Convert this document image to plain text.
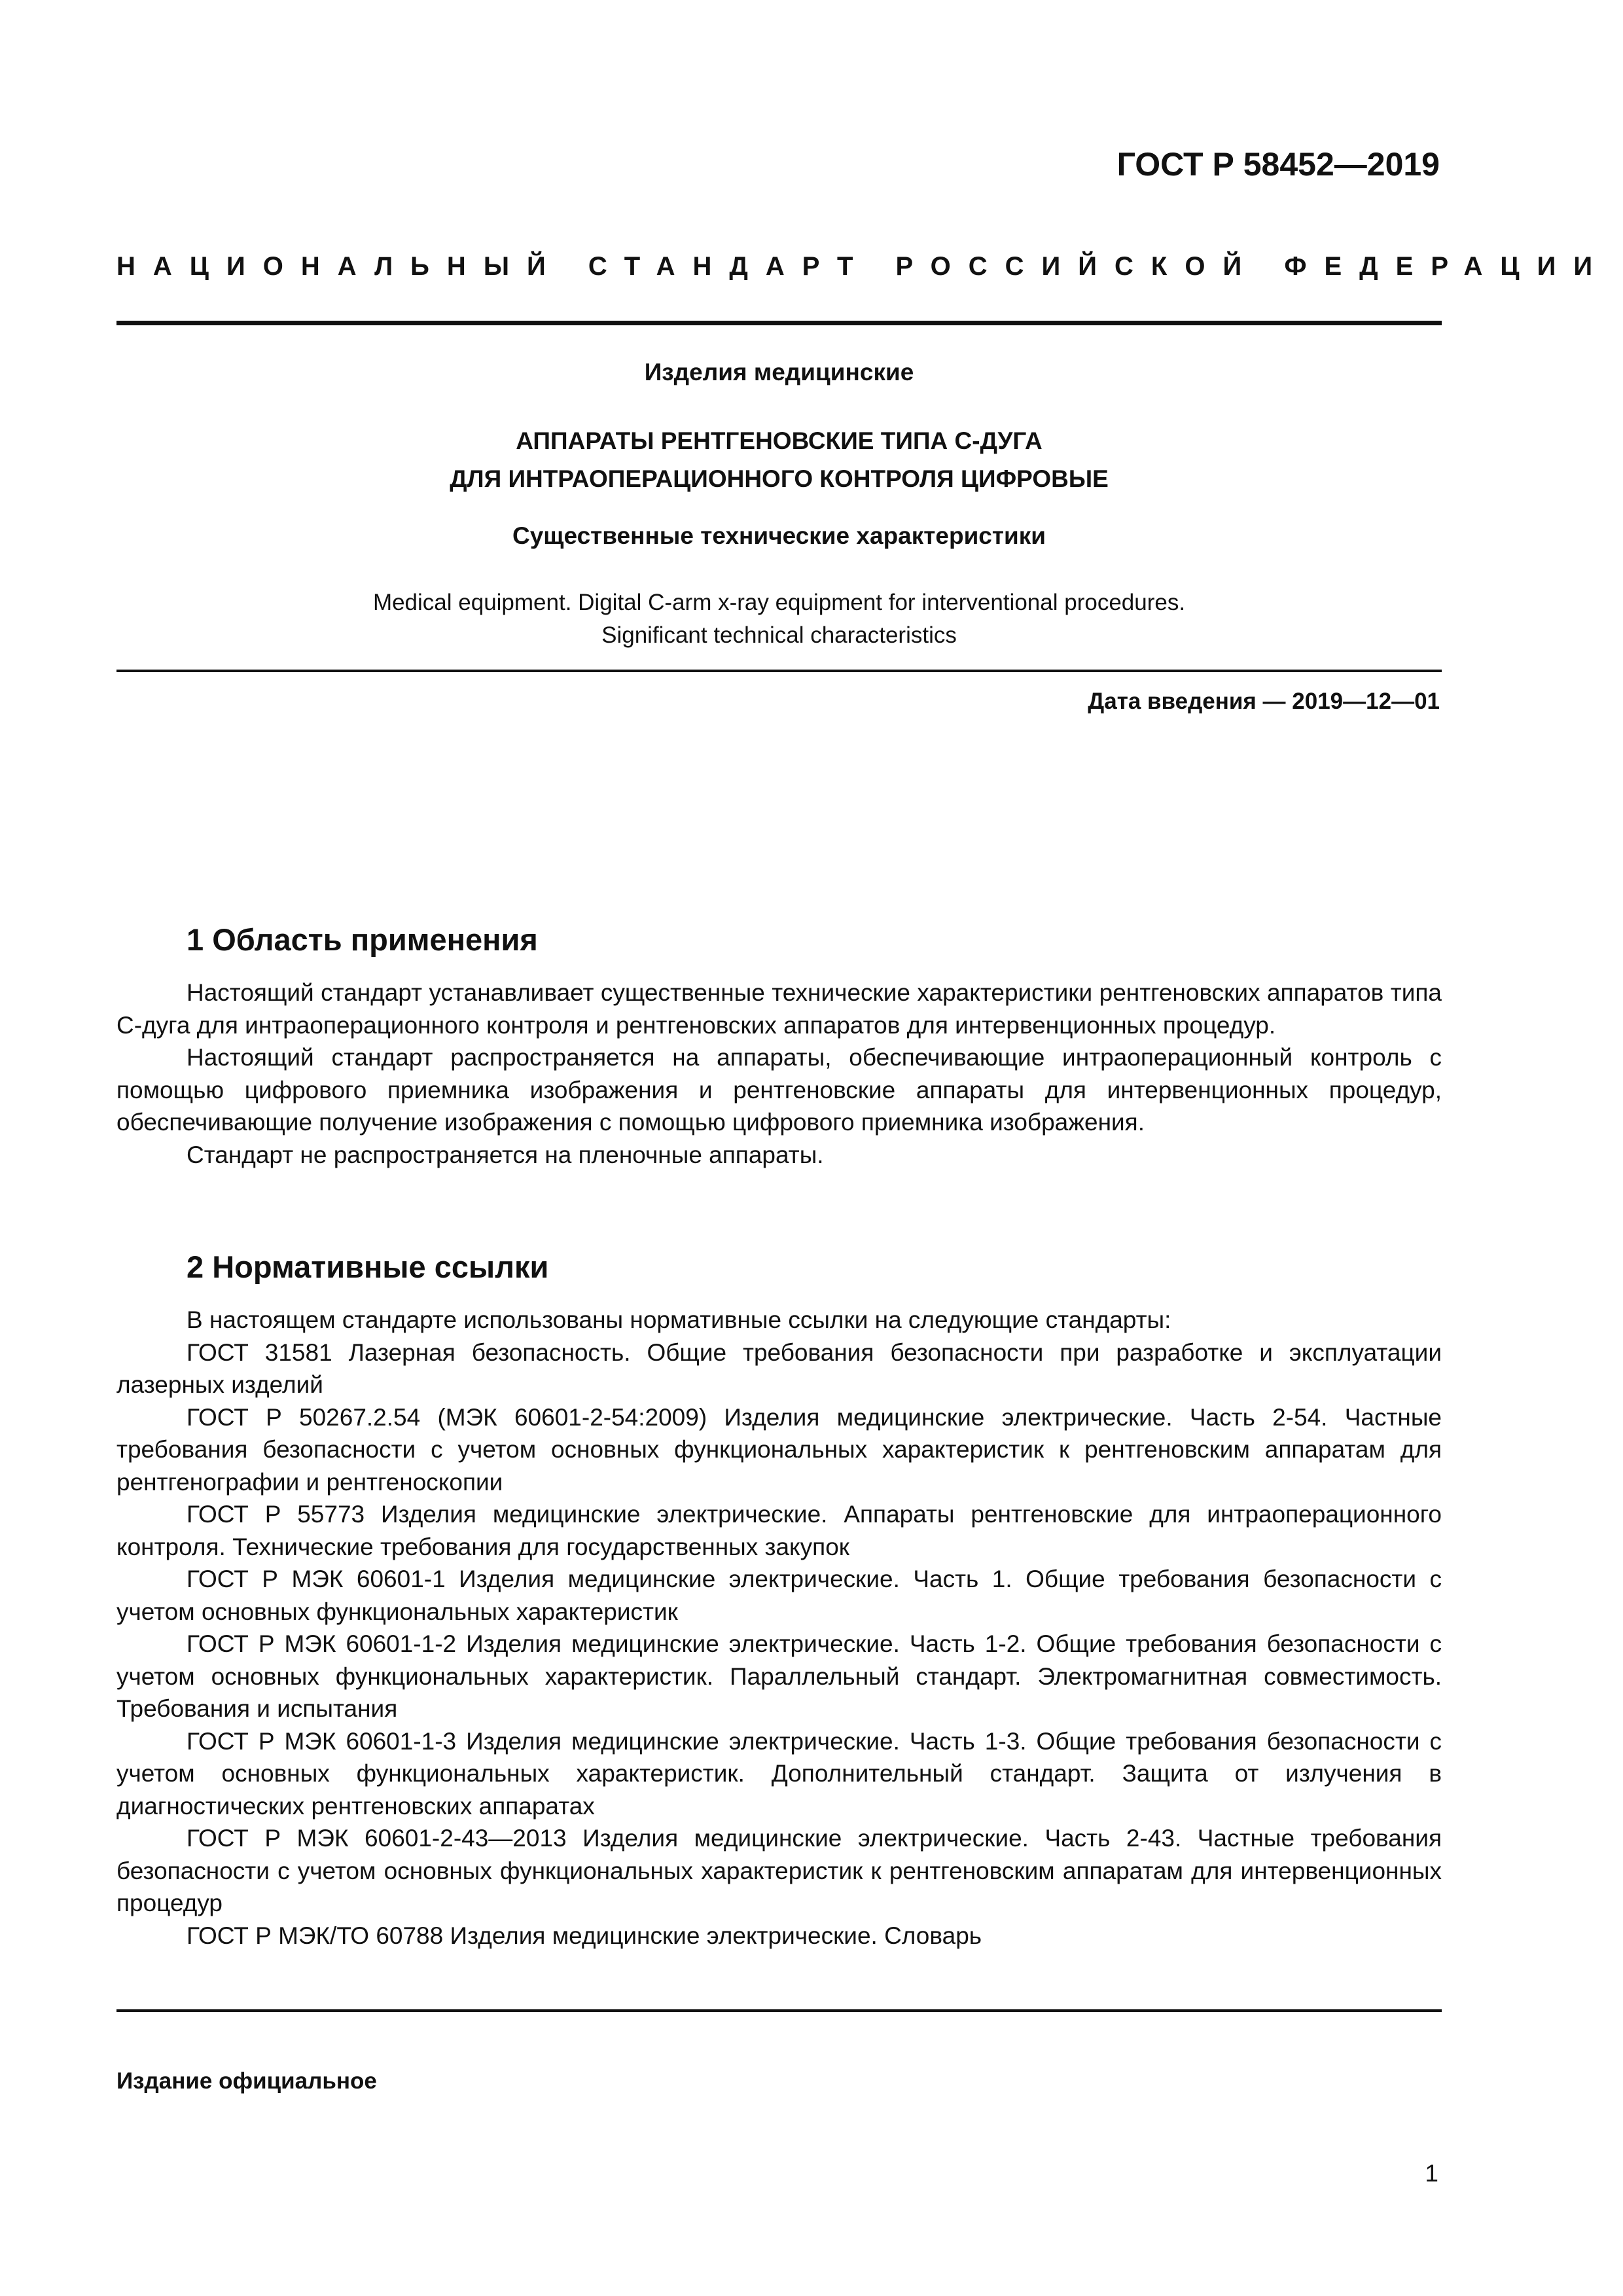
ГОСТ Р 58452—2019
НАЦИОНАЛЬНЫЙ СТАНДАРТ РОССИЙСКОЙ ФЕДЕРАЦИИ
Изделия медицинские
АППАРАТЫ РЕНТГЕНОВСКИЕ ТИПА С-ДУГА
ДЛЯ ИНТРАОПЕРАЦИОННОГО КОНТРОЛЯ ЦИФРОВЫЕ
Существенные технические характеристики
Medical equipment. Digital C-arm x-ray equipment for interventional procedures.
Significant technical characteristics
Дата введения — 2019—12—01
1 Область применения

Настоящий стандарт устанавливает существенные технические характеристики рентгеновских аппаратов типа С-дуга для интраоперационного контроля и рентгеновских аппаратов для интервенционных процедур.

Настоящий стандарт распространяется на аппараты, обеспечивающие интраоперационный контроль с помощью цифрового приемника изображения и рентгеновские аппараты для интервенционных процедур, обеспечивающие получение изображения с помощью цифрового приемника изображения.

Стандарт не распространяется на пленочные аппараты.

2 Нормативные ссылки

В настоящем стандарте использованы нормативные ссылки на следующие стандарты:

ГОСТ 31581 Лазерная безопасность. Общие требования безопасности при разработке и эксплуатации лазерных изделий

ГОСТ Р 50267.2.54 (МЭК 60601-2-54:2009) Изделия медицинские электрические. Часть 2-54. Частные требования безопасности с учетом основных функциональных характеристик к рентгеновским аппаратам для рентгенографии и рентгеноскопии

ГОСТ Р 55773 Изделия медицинские электрические. Аппараты рентгеновские для интраоперационного контроля. Технические требования для государственных закупок

ГОСТ Р МЭК 60601-1 Изделия медицинские электрические. Часть 1. Общие требования безопасности с учетом основных функциональных характеристик

ГОСТ Р МЭК 60601-1-2 Изделия медицинские электрические. Часть 1-2. Общие требования безопасности с учетом основных функциональных характеристик. Параллельный стандарт. Электромагнитная совместимость. Требования и испытания

ГОСТ Р МЭК 60601-1-3 Изделия медицинские электрические. Часть 1-3. Общие требования безопасности с учетом основных функциональных характеристик. Дополнительный стандарт. Защита от излучения в диагностических рентгеновских аппаратах

ГОСТ Р МЭК 60601-2-43—2013 Изделия медицинские электрические. Часть 2-43. Частные требования безопасности с учетом основных функциональных характеристик к рентгеновским аппаратам для интервенционных процедур

ГОСТ Р МЭК/ТО 60788 Изделия медицинские электрические. Словарь

Издание официальное
1
